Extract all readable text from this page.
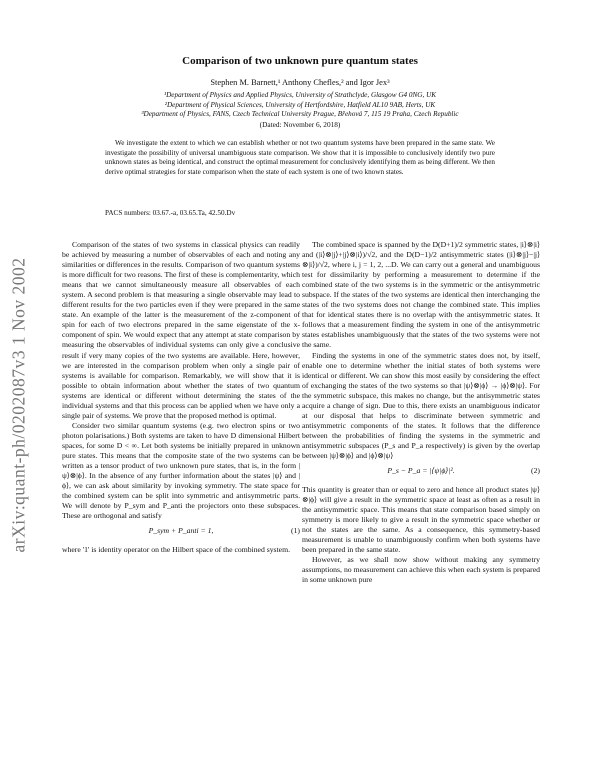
arXiv:quant-ph/0202087v3 1 Nov 2002
Comparison of two unknown pure quantum states
Stephen M. Barnett,¹ Anthony Chefles,² and Igor Jex³
¹Department of Physics and Applied Physics, University of Strathclyde, Glasgow G4 0NG, UK
²Department of Physical Sciences, University of Hertfordshire, Hatfield AL10 9AB, Herts, UK
³Department of Physics, FANS, Czech Technical University Prague, Břehová 7, 115 19 Praha, Czech Republic
(Dated: November 6, 2018)
We investigate the extent to which we can establish whether or not two quantum systems have been prepared in the same state. We investigate the possibility of universal unambiguous state comparison. We show that it is impossible to conclusively identify two pure unknown states as being identical, and construct the optimal measurement for conclusively identifying them as being different. We then derive optimal strategies for state comparison when the state of each system is one of two known states.
PACS numbers: 03.67.-a, 03.65.Ta, 42.50.Dv

Comparison of the states of two systems in classical physics can readily be achieved by measuring a number of observables of each and noting any similarities or differences in the results. Comparison of two quantum systems is more difficult for two reasons. The first of these is complementarity, which means that we cannot simultaneously measure all observables of each system. A second problem is that measuring a single observable may lead to different results for the two particles even if they were prepared in the same state. An example of the latter is the measurement of the z-component of spin for each of two electrons prepared in the same eigenstate of the x-component of spin. We would expect that any attempt at state comparison by measuring the observables of individual systems can only give a conclusive result if very many copies of the two systems are available. Here, however, we are interested in the comparison problem when only a single pair of systems is available for comparison. Remarkably, we will show that it is possible to obtain information about whether the states of two quantum systems are identical or different without determining the states of the individual systems and that this process can be applied when we have only a single pair of systems. We prove that the proposed method is optimal.

Consider two similar quantum systems (e.g. two electron spins or two photon polarisations.) Both systems are taken to have D dimensional Hilbert spaces, for some D < ∞. Let both systems be initially prepared in unknown pure states. This means that the composite state of the two systems can be written as a tensor product of two unknown pure states, that is, in the form |ψ⟩⊗|ϕ⟩. In the absence of any further information about the states |ψ⟩ and |ϕ⟩, we can ask about similarity by invoking symmetry. The state space for the combined system can be split into symmetric and antisymmetric parts. We will denote by P_sym and P_anti the projectors onto these subspaces. These are orthogonal and satisfy

P_sym + P_anti = 1,	(1)

where '1' is identity operator on the Hilbert space of the combined system.

The combined space is spanned by the D(D+1)/2 symmetric states, |i⟩⊗|i⟩ and (|i⟩⊗|j⟩+|j⟩⊗|i⟩)/√2, and the D(D−1)/2 antisymmetric states (|i⟩⊗|j⟩−|j⟩⊗|i⟩)/√2, where i, j = 1, 2, ...D. We can carry out a general and unambiguous test for dissimilarity by performing a measurement to determine if the combined state of the two systems is in the symmetric or the antisymmetric subspace. If the states of the two systems are identical then interchanging the states of the two systems does not change the combined state. This implies that for identical states there is no overlap with the antisymmetric states. It follows that a measurement finding the system in one of the antisymmetric states establishes unambiguously that the states of the two systems were not the same.

Finding the systems in one of the symmetric states does not, by itself, enable one to determine whether the initial states of both systems were identical or different. We can show this most easily by considering the effect of exchanging the states of the two systems so that |ψ⟩⊗|ϕ⟩ → |ϕ⟩⊗|ψ⟩. For the symmetric subspace, this makes no change, but the antisymmetric states acquire a change of sign. Due to this, there exists an unambiguous indicator at our disposal that helps to discriminate between symmetric and antisymmetric components of the states. It follows that the difference between the probabilities of finding the systems in the symmetric and antisymmetric subspaces (P_s and P_a respectively) is given by the overlap between |ψ⟩⊗|ϕ⟩ and |ϕ⟩⊗|ψ⟩

P_s − P_a = |⟨ψ|ϕ⟩|².	(2)

This quantity is greater than or equal to zero and hence all product states |ψ⟩⊗|ϕ⟩ will give a result in the symmetric space at least as often as a result in the antisymmetric space. This means that state comparison based simply on symmetry is more likely to give a result in the symmetric space whether or not the states are the same. As a consequence, this symmetry-based measurement is unable to unambiguously confirm when both systems have been prepared in the same state.

However, as we shall now show without making any symmetry assumptions, no measurement can achieve this when each system is prepared in some unknown pure
